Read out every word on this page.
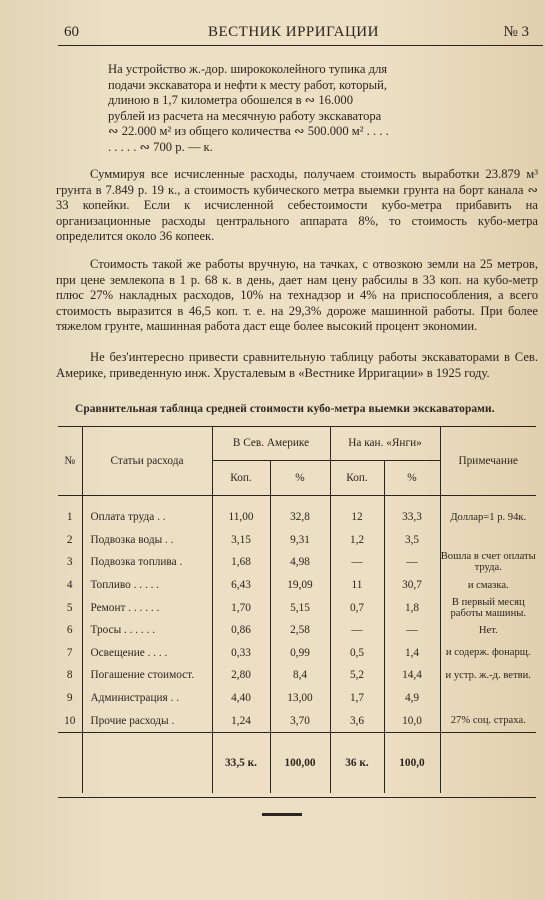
60	ВЕСТНИК ИРРИГАЦИИ	№ 3

На устройство ж.-дор. ширококолейного тупика для подачи экскаватора и нефти к месту работ, который, длиною в 1,7 километра обошелся в ∾ 16.000 рублей из расчета на месячную работу экскаватора ∾ 22.000 м² из общего количества ∾ 500.000 м² . . . . . . . . . ∾ 700 р. — к.

Суммируя все исчисленные расходы, получаем стоимость выработки 23.879 м³ грунта в 7.849 р. 19 к., а стоимость кубического метра выемки грунта на борт канала ∾ 33 копейки. Если к исчисленной себестоимости кубо-метра прибавить на организационные расходы центрального аппарата 8%, то стоимость кубо-метра определится около 36 копеек.

Стоимость такой же работы вручную, на тачках, с отвозкою земли на 25 метров, при цене землекопа в 1 р. 68 к. в день, дает нам цену рабсилы в 33 коп. на кубо-метр плюс 27% накладных расходов, 10% на технадзор и 4% на приспособления, а всего стоимость выразится в 46,5 коп. т. е. на 29,3% дороже машинной работы. При более тяжелом грунте, машинная работа даст еще более высокий процент экономии.

Не без'интересно привести сравнительную таблицу работы экскаваторами в Сев. Америке, приведенную инж. Хрусталевым в «Вестнике Ирригации» в 1925 году.

Сравнительная таблица средней стоимости кубо-метра выемки экскаваторами.
№	Статьи расхода	В Сев. Америке		На кан. «Янги»		Примечание
		Коп.	%	Коп.	%	

1	Оплата труда . .	11,00	32,8	12	33,3	Доллар=1 р. 94к.
2	Подвозка воды . .	3,15	9,31	1,2	3,5	
3	Подвозка топлива .	1,68	4,98	—	—	Вошла в счет оплаты труда.
4	Топливо . . . . .	6,43	19,09	11	30,7	и смазка.
5	Ремонт . . . . . .	1,70	5,15	0,7	1,8	В первый месяц работы машины.
6	Тросы . . . . . .	0,86	2,58	—	—	Нет.
7	Освещение . . . .	0,33	0,99	0,5	1,4	и содерж. фонарщ.
8	Погашение стоимост.	2,80	8,4	5,2	14,4	и устр. ж.-д. ветви.
9	Администрация . .	4,40	13,00	1,7	4,9	
10	Прочие расходы .	1,24	3,70	3,6	10,0	27% соц. страха.
		33,5 к.	100,00	36 к.	100,0	
